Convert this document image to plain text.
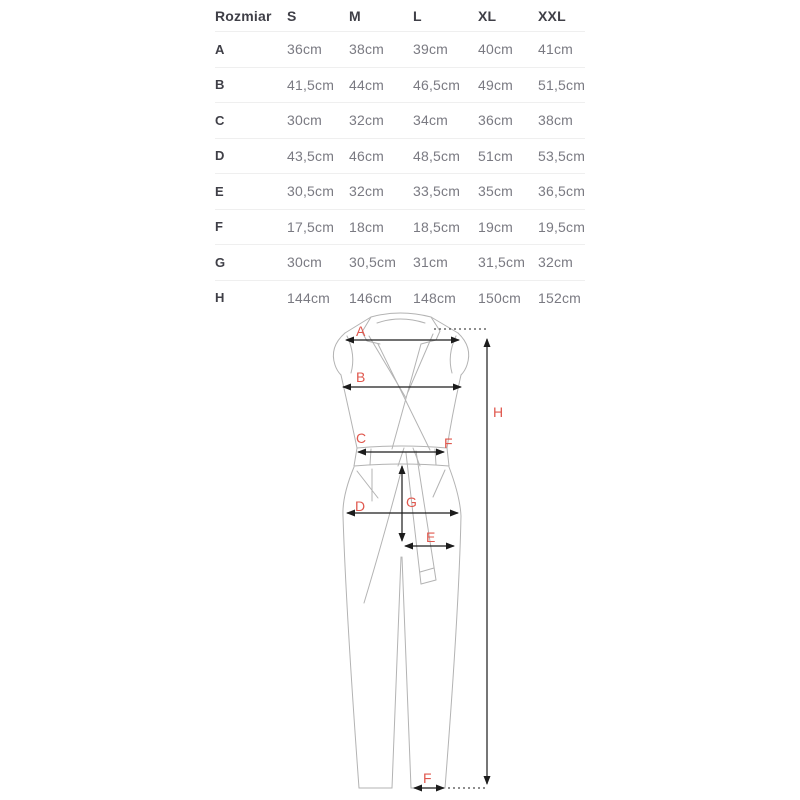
Rozmiar	S	M	L	XL	XXL
A	36cm	38cm	39cm	40cm	41cm
B	41,5cm	44cm	46,5cm	49cm	51,5cm
C	30cm	32cm	34cm	36cm	38cm
D	43,5cm	46cm	48,5cm	51cm	53,5cm
E	30,5cm	32cm	33,5cm	35cm	36,5cm
F	17,5cm	18cm	18,5cm	19cm	19,5cm
G	30cm	30,5cm	31cm	31,5cm 32cm
H	144cm	146cm	148cm	150cm	152cm
A
B
C	F
H
D	G
E
F
